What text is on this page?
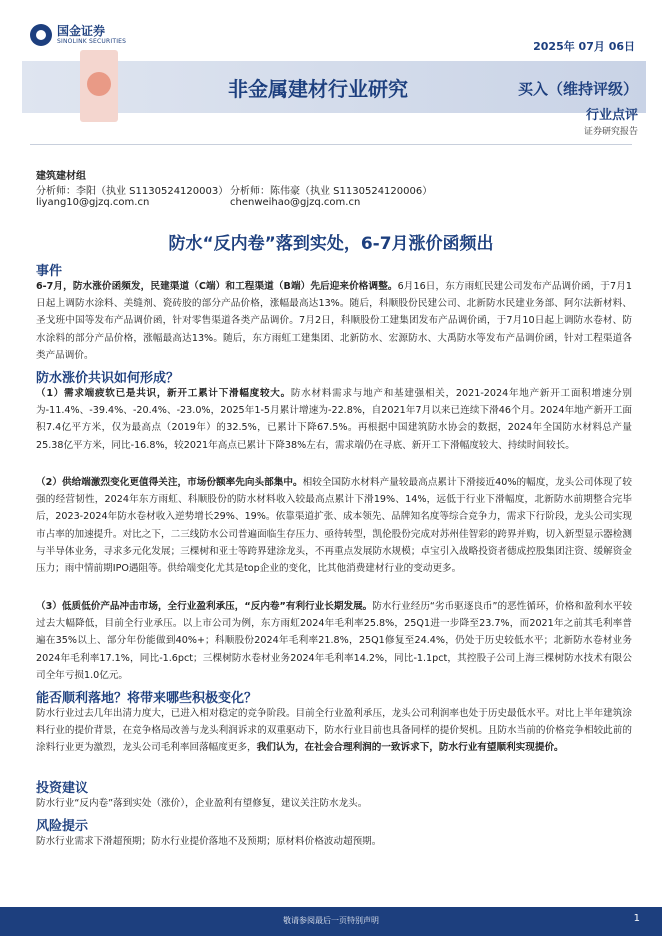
国金证券
SINOLINK SECURITIES	2025年 07月 06日
非金属建材行业研究	买入（维持评级）
行业点评
证券研究报告
建筑建材组
分析师：李阳（执业 S1130524120003）
liyang10@gjzq.com.cn
分析师：陈伟豪（执业 S1130524120006）
chenweihao@gjzq.com.cn
防水“反内卷”落到实处，6-7月涨价函频出
事件
6-7月，防水涨价函频发，民建渠道（C端）和工程渠道（B端）先后迎来价格调整。6月16日，东方雨虹民建公司发布产品调价函，于7月1日起上调防水涂料、美缝剂、瓷砖胶的部分产品价格，涨幅最高达13%。随后，科顺股份民建公司、北新防水民建业务部、阿尔法新材料、圣戈班中国等发布产品调价函，针对零售渠道各类产品调价。7月2日，科顺股份工建集团发布产品调价函，于7月10日起上调防水卷材、防水涂料的部分产品价格，涨幅最高达13%。随后，东方雨虹工建集团、北新防水、宏源防水、大禹防水等发布产品调价函，针对工程渠道各类产品调价。
防水涨价共识如何形成？
（1）需求端疲软已是共识，新开工累计下滑幅度较大。防水材料需求与地产和基建强相关，2021-2024年地产新开工面积增速分别为-11.4%、-39.4%、-20.4%、-23.0%，2025年1-5月累计增速为-22.8%，自2021年7月以来已连续下滑46个月。2024年地产新开工面积7.4亿平方米，仅为最高点（2019年）的32.5%，已累计下降67.5%。再根据中国建筑防水协会的数据，2024年全国防水材料总产量25.38亿平方米，同比-16.8%，较2021年高点已累计下降38%左右，需求端仍在寻底、新开工下滑幅度较大、持续时间较长。
（2）供给端激烈变化更值得关注，市场份额率先向头部集中。相较全国防水材料产量较最高点累计下滑接近40%的幅度，龙头公司体现了较强的经营韧性，2024年东方雨虹、科顺股份的防水材料收入较最高点累计下滑19%、14%，远低于行业下滑幅度，北新防水前期整合完毕后，2023-2024年防水卷材收入逆势增长29%、19%。依靠渠道扩张、成本领先、品牌知名度等综合竞争力，需求下行阶段，龙头公司实现市占率的加速提升。对比之下，二三线防水公司普遍面临生存压力、亟待转型，凯伦股份完成对苏州佳智彩的跨界并购，切入新型显示器检测与半导体业务，寻求多元化发展；三棵树和亚士等跨界建涂龙头，不再重点发展防水规模；卓宝引入战略投资者德成控股集团注资、缓解资金压力；雨中情前期IPO遇阻等。供给端变化尤其是top企业的变化，比其他消费建材行业的变动更多。
（3）低质低价产品冲击市场，全行业盈利承压，“反内卷”有利行业长期发展。防水行业经历“劣币驱逐良币”的恶性循环，价格和盈利水平较过去大幅降低，目前全行业承压。以上市公司为例，东方雨虹2024年毛利率25.8%，25Q1进一步降至23.7%，而2021年之前其毛利率普遍在35%以上、部分年份能做到40%+；科顺股份2024年毛利率21.8%，25Q1修复至24.4%，仍处于历史较低水平；北新防水卷材业务2024年毛利率17.1%，同比-1.6pct；三棵树防水卷材业务2024年毛利率14.2%，同比-1.1pct，其控股子公司上海三棵树防水技术有限公司全年亏损1.0亿元。
能否顺利落地？将带来哪些积极变化？
防水行业过去几年出清力度大，已进入相对稳定的竞争阶段。目前全行业盈利承压，龙头公司利润率也处于历史最低水平。对比上半年建筑涂料行业的提价背景，在竞争格局改善与龙头利润诉求的双重驱动下，防水行业目前也具备同样的提价契机。且防水当前的价格竞争相较此前的涂料行业更为激烈，龙头公司毛利率回落幅度更多，我们认为，在社会合理利润的一致诉求下，防水行业有望顺利实现提价。
投资建议
防水行业“反内卷”落到实处（涨价），企业盈利有望修复，建议关注防水龙头。
风险提示
防水行业需求下滑超预期；防水行业提价落地不及预期；原材料价格波动超预期。
敬请参阅最后一页特别声明	1
